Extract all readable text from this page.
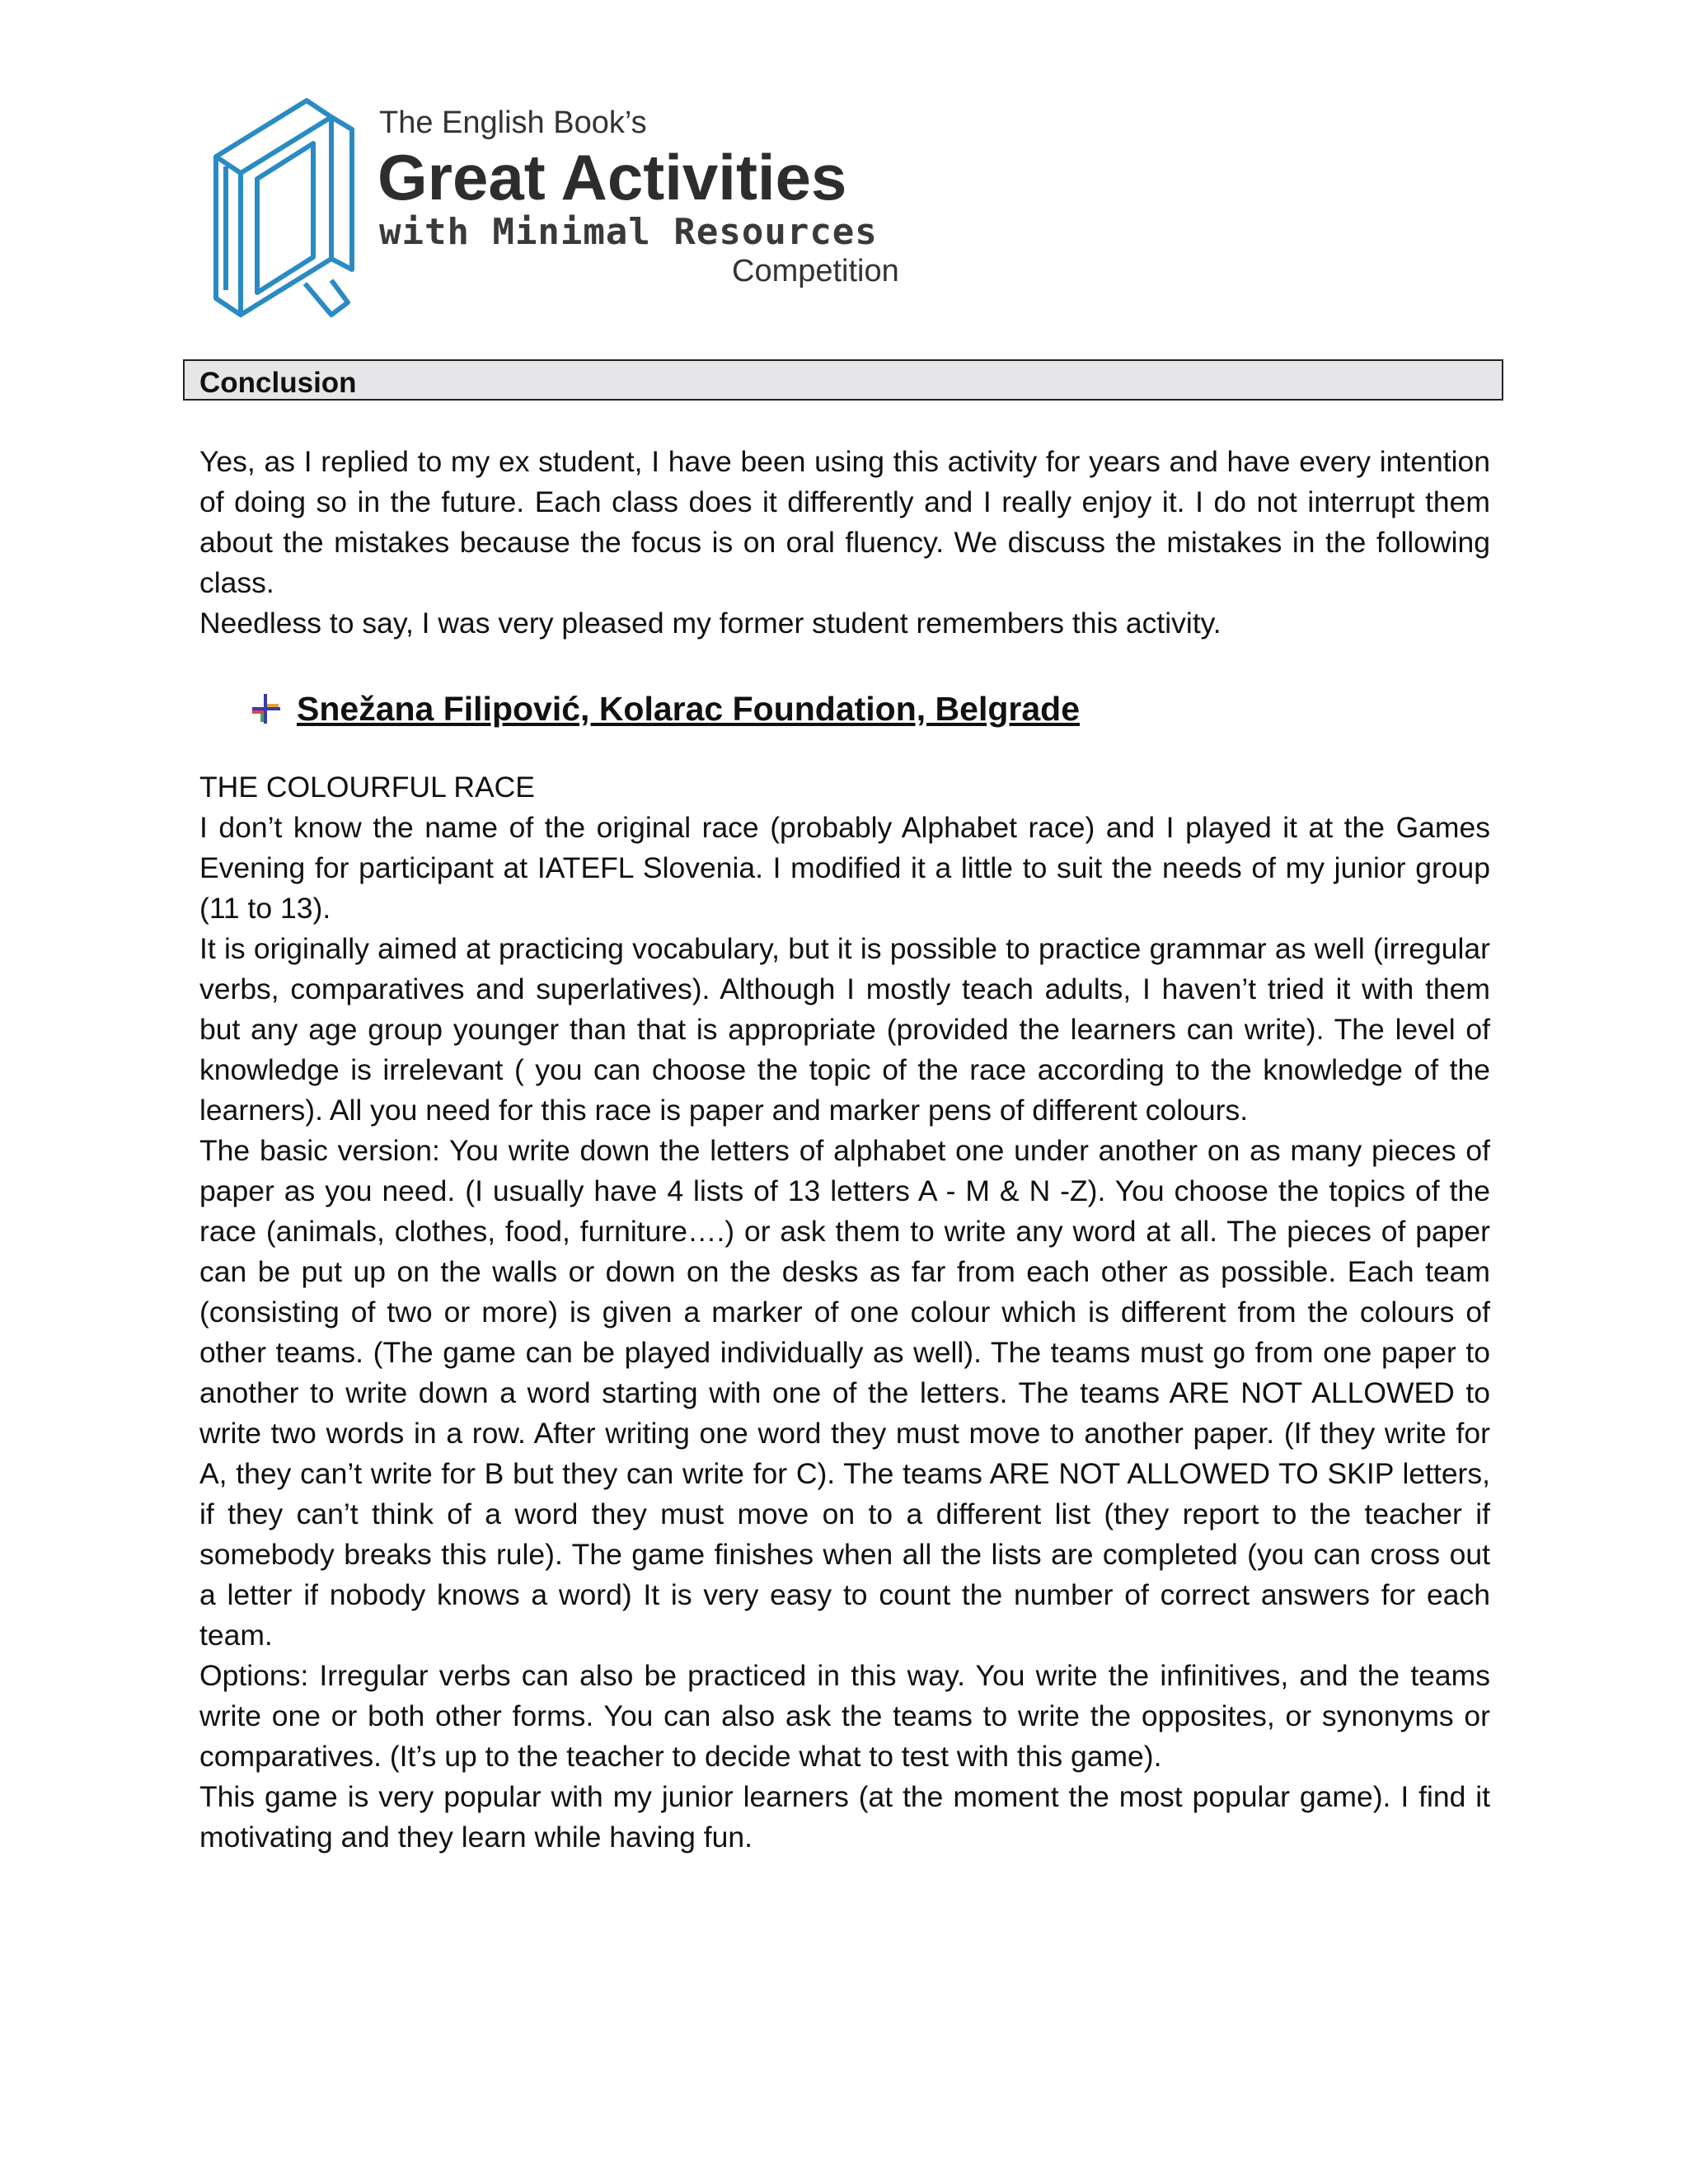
The English Book’s
Great Activities
with Minimal Resources
Competition
Conclusion

Yes, as I replied to my ex student, I have been using this activity for years and have every intention of doing so in the future. Each class does it differently and I really enjoy it. I do not interrupt them about the mistakes because the focus is on oral fluency. We discuss the mistakes in the following class.

Needless to say, I was very pleased my former student remembers this activity.

Snežana Filipović, Kolarac Foundation, Belgrade

THE COLOURFUL RACE

I don’t know the name of the original race (probably Alphabet race) and I played it at the Games Evening for participant at IATEFL Slovenia. I modified it a little to suit the needs of my junior group (11 to 13).

It is originally aimed at practicing vocabulary, but it is possible to practice grammar as well (irregular verbs, comparatives and superlatives). Although I mostly teach adults, I haven’t tried it with them but any age group younger than that is appropriate (provided the learners can write). The level of knowledge is irrelevant ( you can choose the topic of the race according to the knowledge of the learners). All you need for this race is paper and marker pens of different colours.

The basic version: You write down the letters of alphabet one under another on as many pieces of paper as you need. (I usually have 4 lists of 13 letters A - M & N -Z). You choose the topics of the race (animals, clothes, food, furniture….) or ask them to write any word at all. The pieces of paper can be put up on the walls or down on the desks as far from each other as possible. Each team (consisting of two or more) is given a marker of one colour which is different from the colours of other teams. (The game can be played individually as well). The teams must go from one paper to another to write down a word starting with one of the letters. The teams ARE NOT ALLOWED to write two words in a row. After writing one word they must move to another paper. (If they write for A, they can’t write for B but they can write for C). The teams ARE NOT ALLOWED TO SKIP letters, if they can’t think of a word they must move on to a different list (they report to the teacher if somebody breaks this rule). The game finishes when all the lists are completed (you can cross out a letter if nobody knows a word) It is very easy to count the number of correct answers for each team.

Options: Irregular verbs can also be practiced in this way. You write the infinitives, and the teams write one or both other forms. You can also ask the teams to write the opposites, or synonyms or comparatives. (It’s up to the teacher to decide what to test with this game).

This game is very popular with my junior learners (at the moment the most popular game). I find it motivating and they learn while having fun.
